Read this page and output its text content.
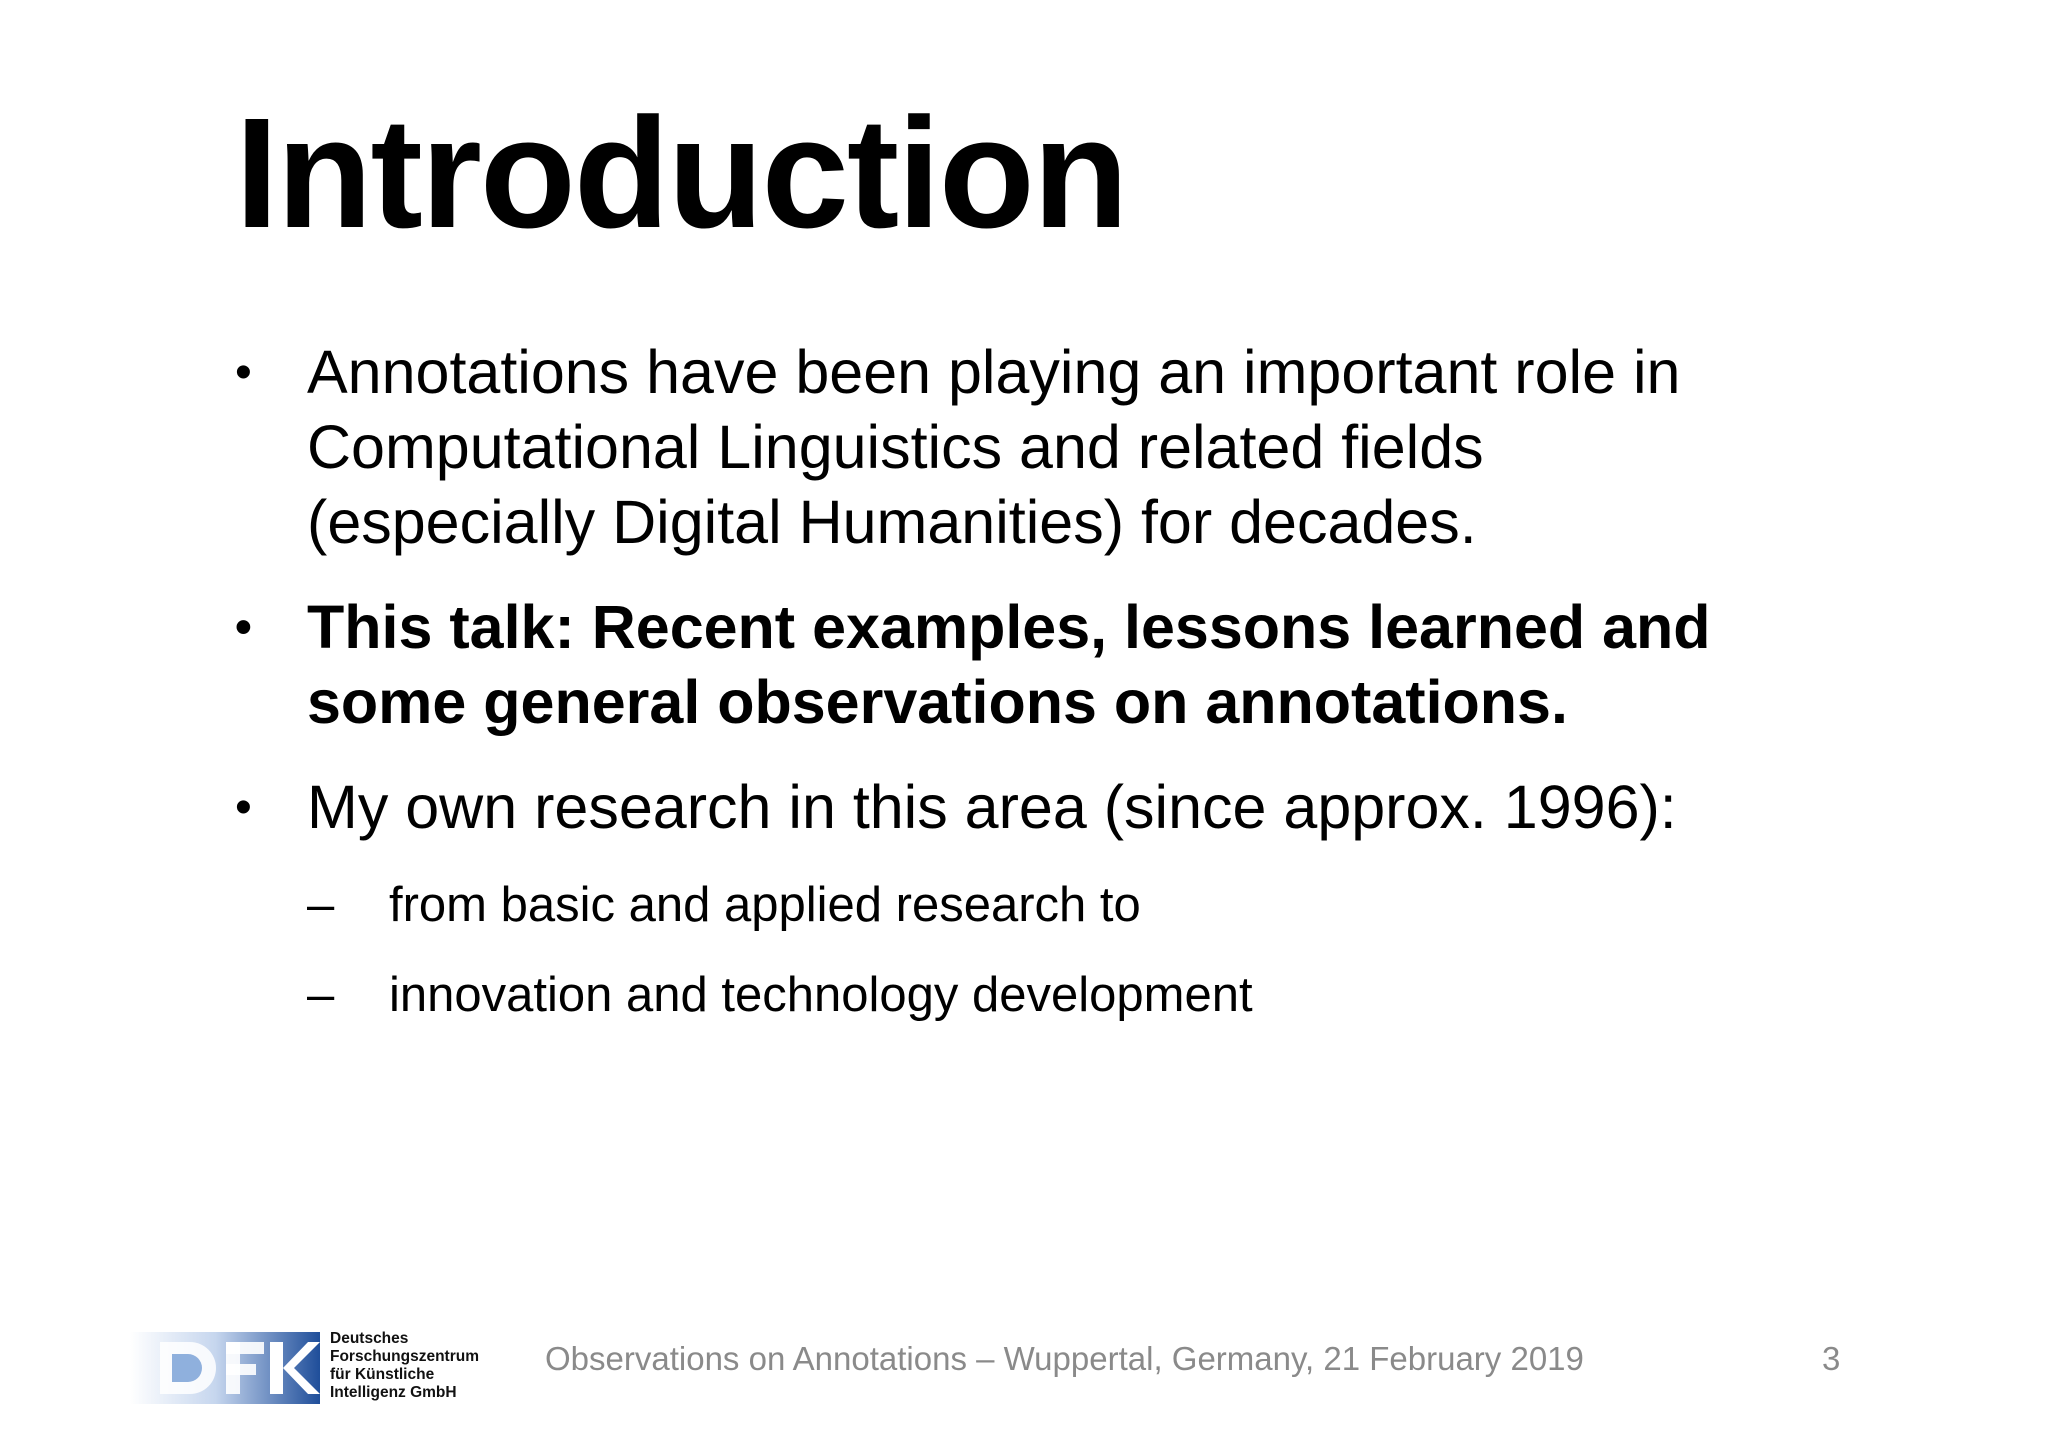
Introduction
• Annotations have been playing an important role in Computational Linguistics and related fields (especially Digital Humanities) for decades.
• This talk: Recent examples, lessons learned and some general observations on annotations.
• My own research in this area (since approx. 1996):
– from basic and applied research to
– innovation and technology development
Deutsches
Forschungszentrum
für Künstliche
Intelligenz GmbH
Observations on Annotations – Wuppertal, Germany, 21 February 2019	3
